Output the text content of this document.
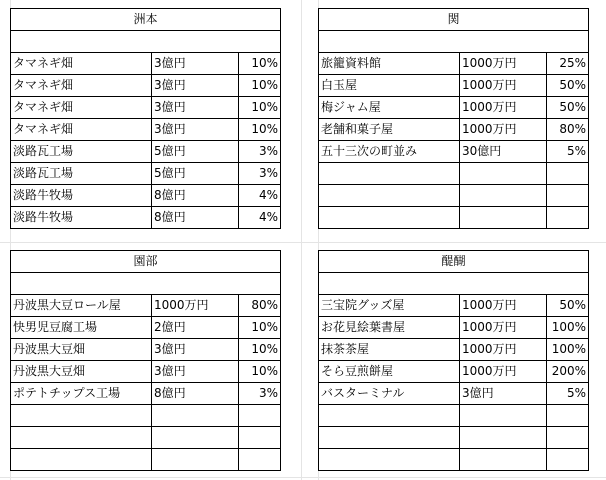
洲本		

タマネギ畑	3億円	10%
タマネギ畑	3億円	10%
タマネギ畑	3億円	10%
タマネギ畑	3億円	10%
淡路瓦工場	5億円	3%
淡路瓦工場	5億円	3%
淡路牛牧場	8億円	4%
淡路牛牧場	8億円	4%
関		

旅籠資料館	1000万円	25%
白玉屋	1000万円	50%
梅ジャム屋	1000万円	50%
老舗和菓子屋	1000万円	80%
五十三次の町並み	30億円	5%

園部		

丹波黒大豆ロール屋	1000万円	80%
快男児豆腐工場	2億円	10%
丹波黒大豆畑	3億円	10%
丹波黒大豆畑	3億円	10%
ポテトチップス工場	8億円	3%

醍醐		

三宝院グッズ屋	1000万円	50%
お花見絵葉書屋	1000万円	100%
抹茶茶屋	1000万円	100%
そら豆煎餅屋	1000万円	200%
バスターミナル	3億円	5%
